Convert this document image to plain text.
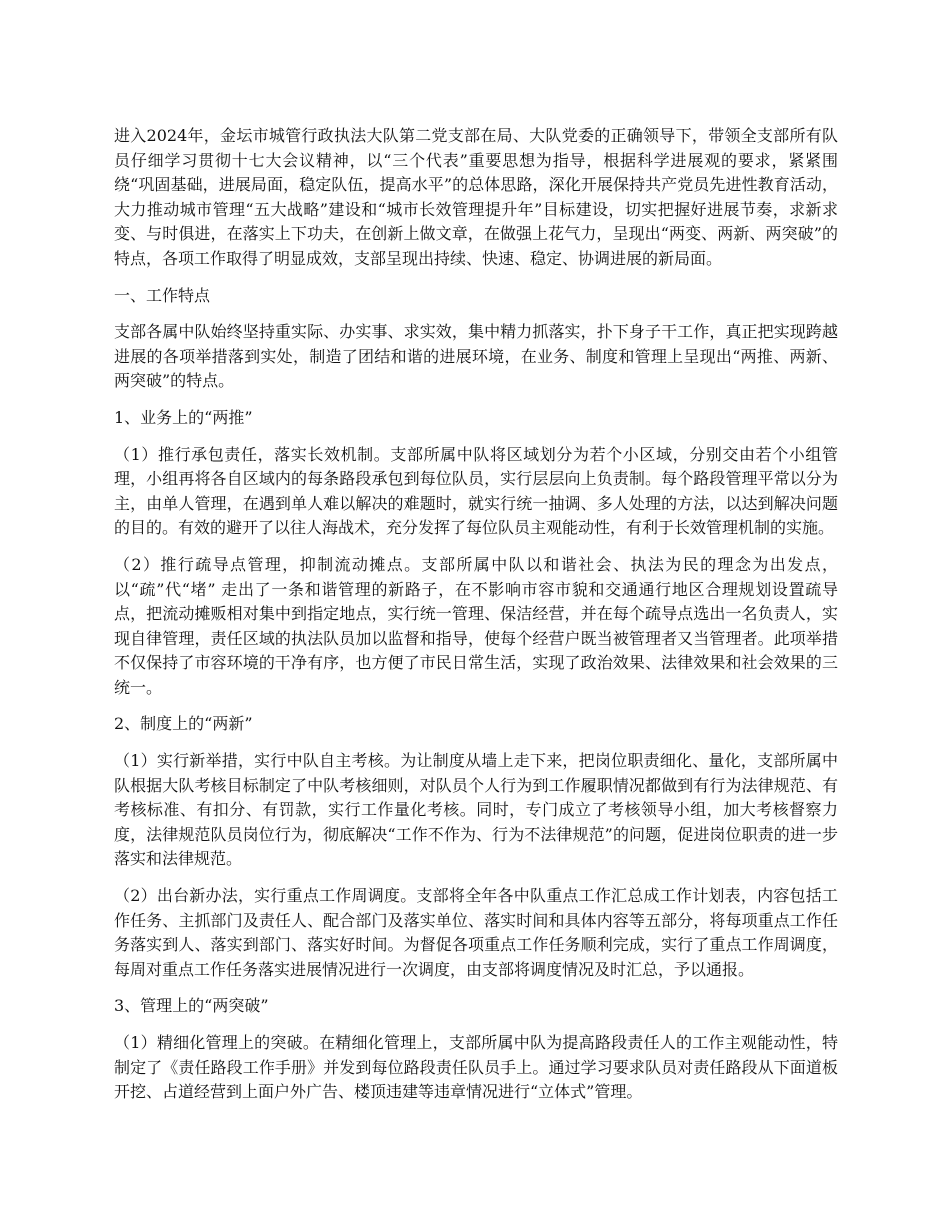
进入2024年，金坛市城管行政执法大队第二党支部在局、大队党委的正确领导下，带领全支部所有队员仔细学习贯彻十七大会议精神，以“三个代表”重要思想为指导，根据科学进展观的要求，紧紧围绕“巩固基础，进展局面，稳定队伍，提高水平”的总体思路，深化开展保持共产党员先进性教育活动，大力推动城市管理“五大战略”建设和“城市长效管理提升年”目标建设，切实把握好进展节奏，求新求变、与时俱进，在落实上下功夫，在创新上做文章，在做强上花气力，呈现出“两变、两新、两突破”的特点，各项工作取得了明显成效，支部呈现出持续、快速、稳定、协调进展的新局面。

一、工作特点

支部各属中队始终坚持重实际、办实事、求实效，集中精力抓落实，扑下身子干工作，真正把实现跨越进展的各项举措落到实处，制造了团结和谐的进展环境，在业务、制度和管理上呈现出“两推、两新、两突破”的特点。

1、业务上的“两推”

（1）推行承包责任，落实长效机制。支部所属中队将区域划分为若个小区域，分别交由若个小组管理，小组再将各自区域内的每条路段承包到每位队员，实行层层向上负责制。每个路段管理平常以分为主，由单人管理，在遇到单人难以解决的难题时，就实行统一抽调、多人处理的方法，以达到解决问题的目的。有效的避开了以往人海战术，充分发挥了每位队员主观能动性，有利于长效管理机制的实施。

（2）推行疏导点管理，抑制流动摊点。支部所属中队以和谐社会、执法为民的理念为出发点，以“疏”代“堵” 走出了一条和谐管理的新路子，在不影响市容市貌和交通通行地区合理规划设置疏导点，把流动摊贩相对集中到指定地点，实行统一管理、保洁经营，并在每个疏导点选出一名负责人，实现自律管理，责任区域的执法队员加以监督和指导，使每个经营户既当被管理者又当管理者。此项举措不仅保持了市容环境的干净有序，也方便了市民日常生活，实现了政治效果、法律效果和社会效果的三统一。

2、制度上的“两新”

（1）实行新举措，实行中队自主考核。为让制度从墙上走下来，把岗位职责细化、量化，支部所属中队根据大队考核目标制定了中队考核细则，对队员个人行为到工作履职情况都做到有行为法律规范、有考核标准、有扣分、有罚款，实行工作量化考核。同时，专门成立了考核领导小组，加大考核督察力度，法律规范队员岗位行为，彻底解决“工作不作为、行为不法律规范”的问题，促进岗位职责的进一步落实和法律规范。

（2）出台新办法，实行重点工作周调度。支部将全年各中队重点工作汇总成工作计划表，内容包括工作任务、主抓部门及责任人、配合部门及落实单位、落实时间和具体内容等五部分，将每项重点工作任务落实到人、落实到部门、落实好时间。为督促各项重点工作任务顺利完成，实行了重点工作周调度，每周对重点工作任务落实进展情况进行一次调度，由支部将调度情况及时汇总，予以通报。

3、管理上的“两突破”

（1）精细化管理上的突破。在精细化管理上，支部所属中队为提高路段责任人的工作主观能动性，特制定了《责任路段工作手册》并发到每位路段责任队员手上。通过学习要求队员对责任路段从下面道板开挖、占道经营到上面户外广告、楼顶违建等违章情况进行“立体式”管理。
